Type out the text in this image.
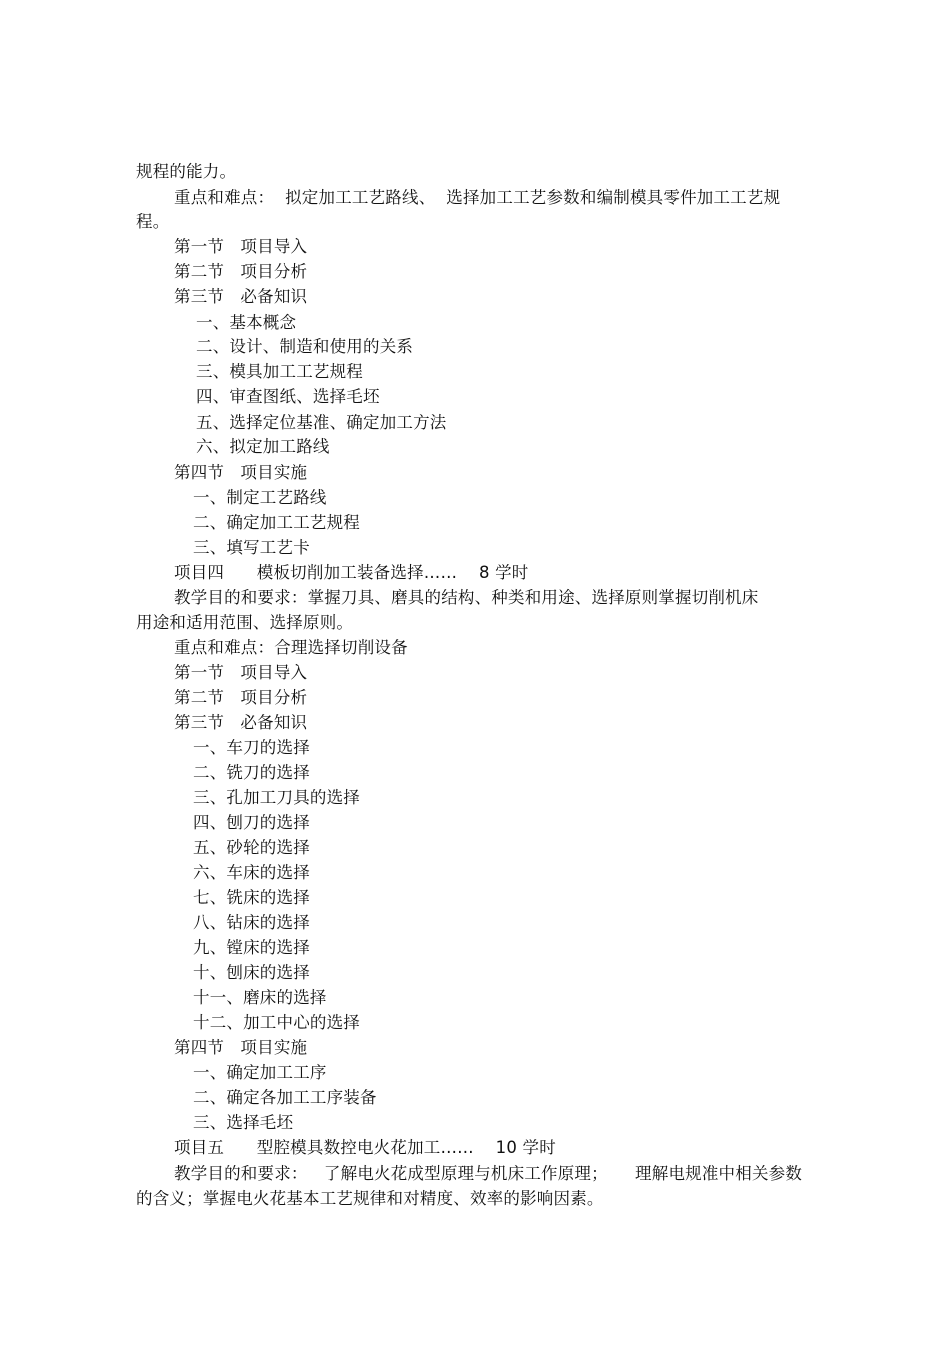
规程的能力。
重点和难点：  拟定加工工艺路线、  选择加工工艺参数和编制模具零件加工工艺规
程。
第一节   项目导入
第二节   项目分析
第三节   必备知识
一、基本概念
二、设计、制造和使用的关系
三、模具加工工艺规程
四、审查图纸、选择毛坯
五、选择定位基准、确定加工方法
六、拟定加工路线
第四节   项目实施
一、制定工艺路线
二、确定加工工艺规程
三、填写工艺卡
项目四      模板切削加工装备选择……    8 学时
教学目的和要求：掌握刀具、磨具的结构、种类和用途、选择原则掌握切削机床
用途和适用范围、选择原则。
重点和难点：合理选择切削设备
第一节   项目导入
第二节   项目分析
第三节   必备知识
一、车刀的选择
二、铣刀的选择
三、孔加工刀具的选择
四、刨刀的选择
五、砂轮的选择
六、车床的选择
七、铣床的选择
八、钻床的选择
九、镗床的选择
十、刨床的选择
十一、磨床的选择
十二、加工中心的选择
第四节   项目实施
一、确定加工工序
二、确定各加工工序装备
三、选择毛坯
项目五      型腔模具数控电火花加工……    10 学时
教学目的和要求：   了解电火花成型原理与机床工作原理；     理解电规准中相关参数
的含义；掌握电火花基本工艺规律和对精度、效率的影响因素。
